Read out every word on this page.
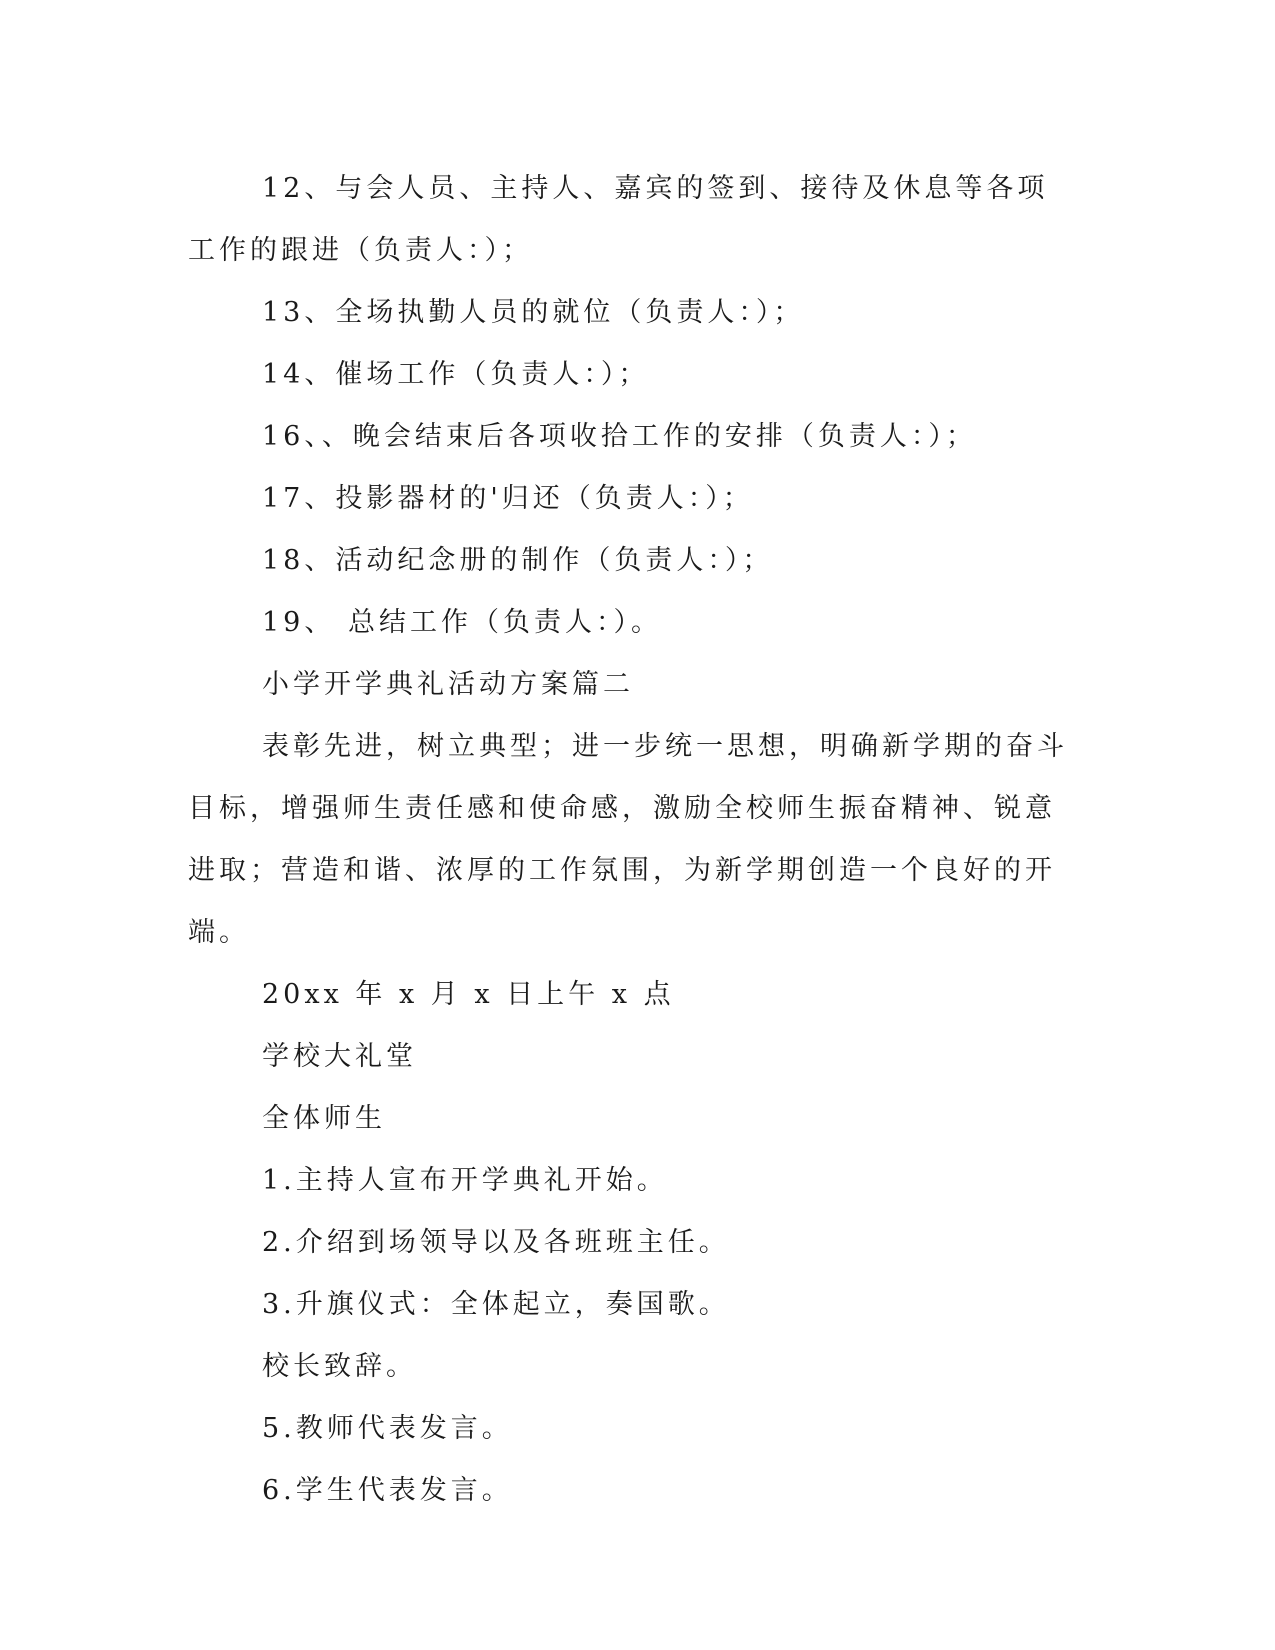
12、与会人员、主持人、嘉宾的签到、接待及休息等各项工作的跟进（负责人：）；

13、全场执勤人员的就位（负责人：）；

14、催场工作（负责人：）；

16、、晚会结束后各项收拾工作的安排（负责人：）；

17、投影器材的'归还（负责人：）；

18、活动纪念册的制作（负责人：）；

19、 总结工作（负责人：）。

小学开学典礼活动方案篇二

表彰先进，树立典型；进一步统一思想，明确新学期的奋斗目标，增强师生责任感和使命感，激励全校师生振奋精神、锐意进取；营造和谐、浓厚的工作氛围，为新学期创造一个良好的开端。

20xx 年 x 月 x 日上午 x 点

学校大礼堂

全体师生

1.主持人宣布开学典礼开始。

2.介绍到场领导以及各班班主任。

3.升旗仪式：全体起立，奏国歌。

校长致辞。

5.教师代表发言。

6.学生代表发言。
